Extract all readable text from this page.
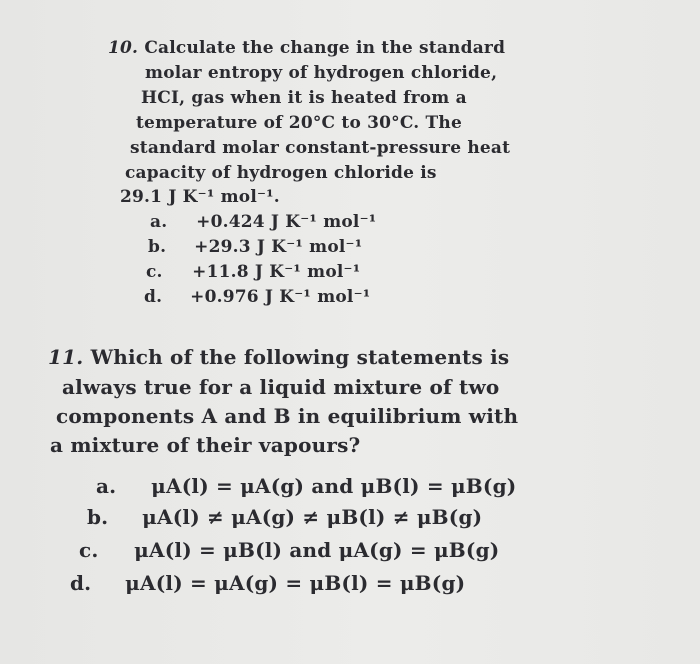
10. Calculate the change in the standard
molar entropy of hydrogen chloride,
HCI, gas when it is heated from a
temperature of 20°C to 30°C. The
standard molar constant-pressure heat
capacity of hydrogen chloride is
29.1 J K⁻¹ mol⁻¹.
a. +0.424 J K⁻¹ mol⁻¹
b. +29.3 J K⁻¹ mol⁻¹
c. +11.8 J K⁻¹ mol⁻¹
d. +0.976 J K⁻¹ mol⁻¹
11. Which of the following statements is
always true for a liquid mixture of two
components A and B in equilibrium with
a mixture of their vapours?
a. μA(l) = μA(g) and μB(l) = μB(g)
b. μA(l) ≠ μA(g) ≠ μB(l) ≠ μB(g)
c. μA(l) = μB(l) and μA(g) = μB(g)
d. μA(l) = μA(g) = μB(l) = μB(g)
